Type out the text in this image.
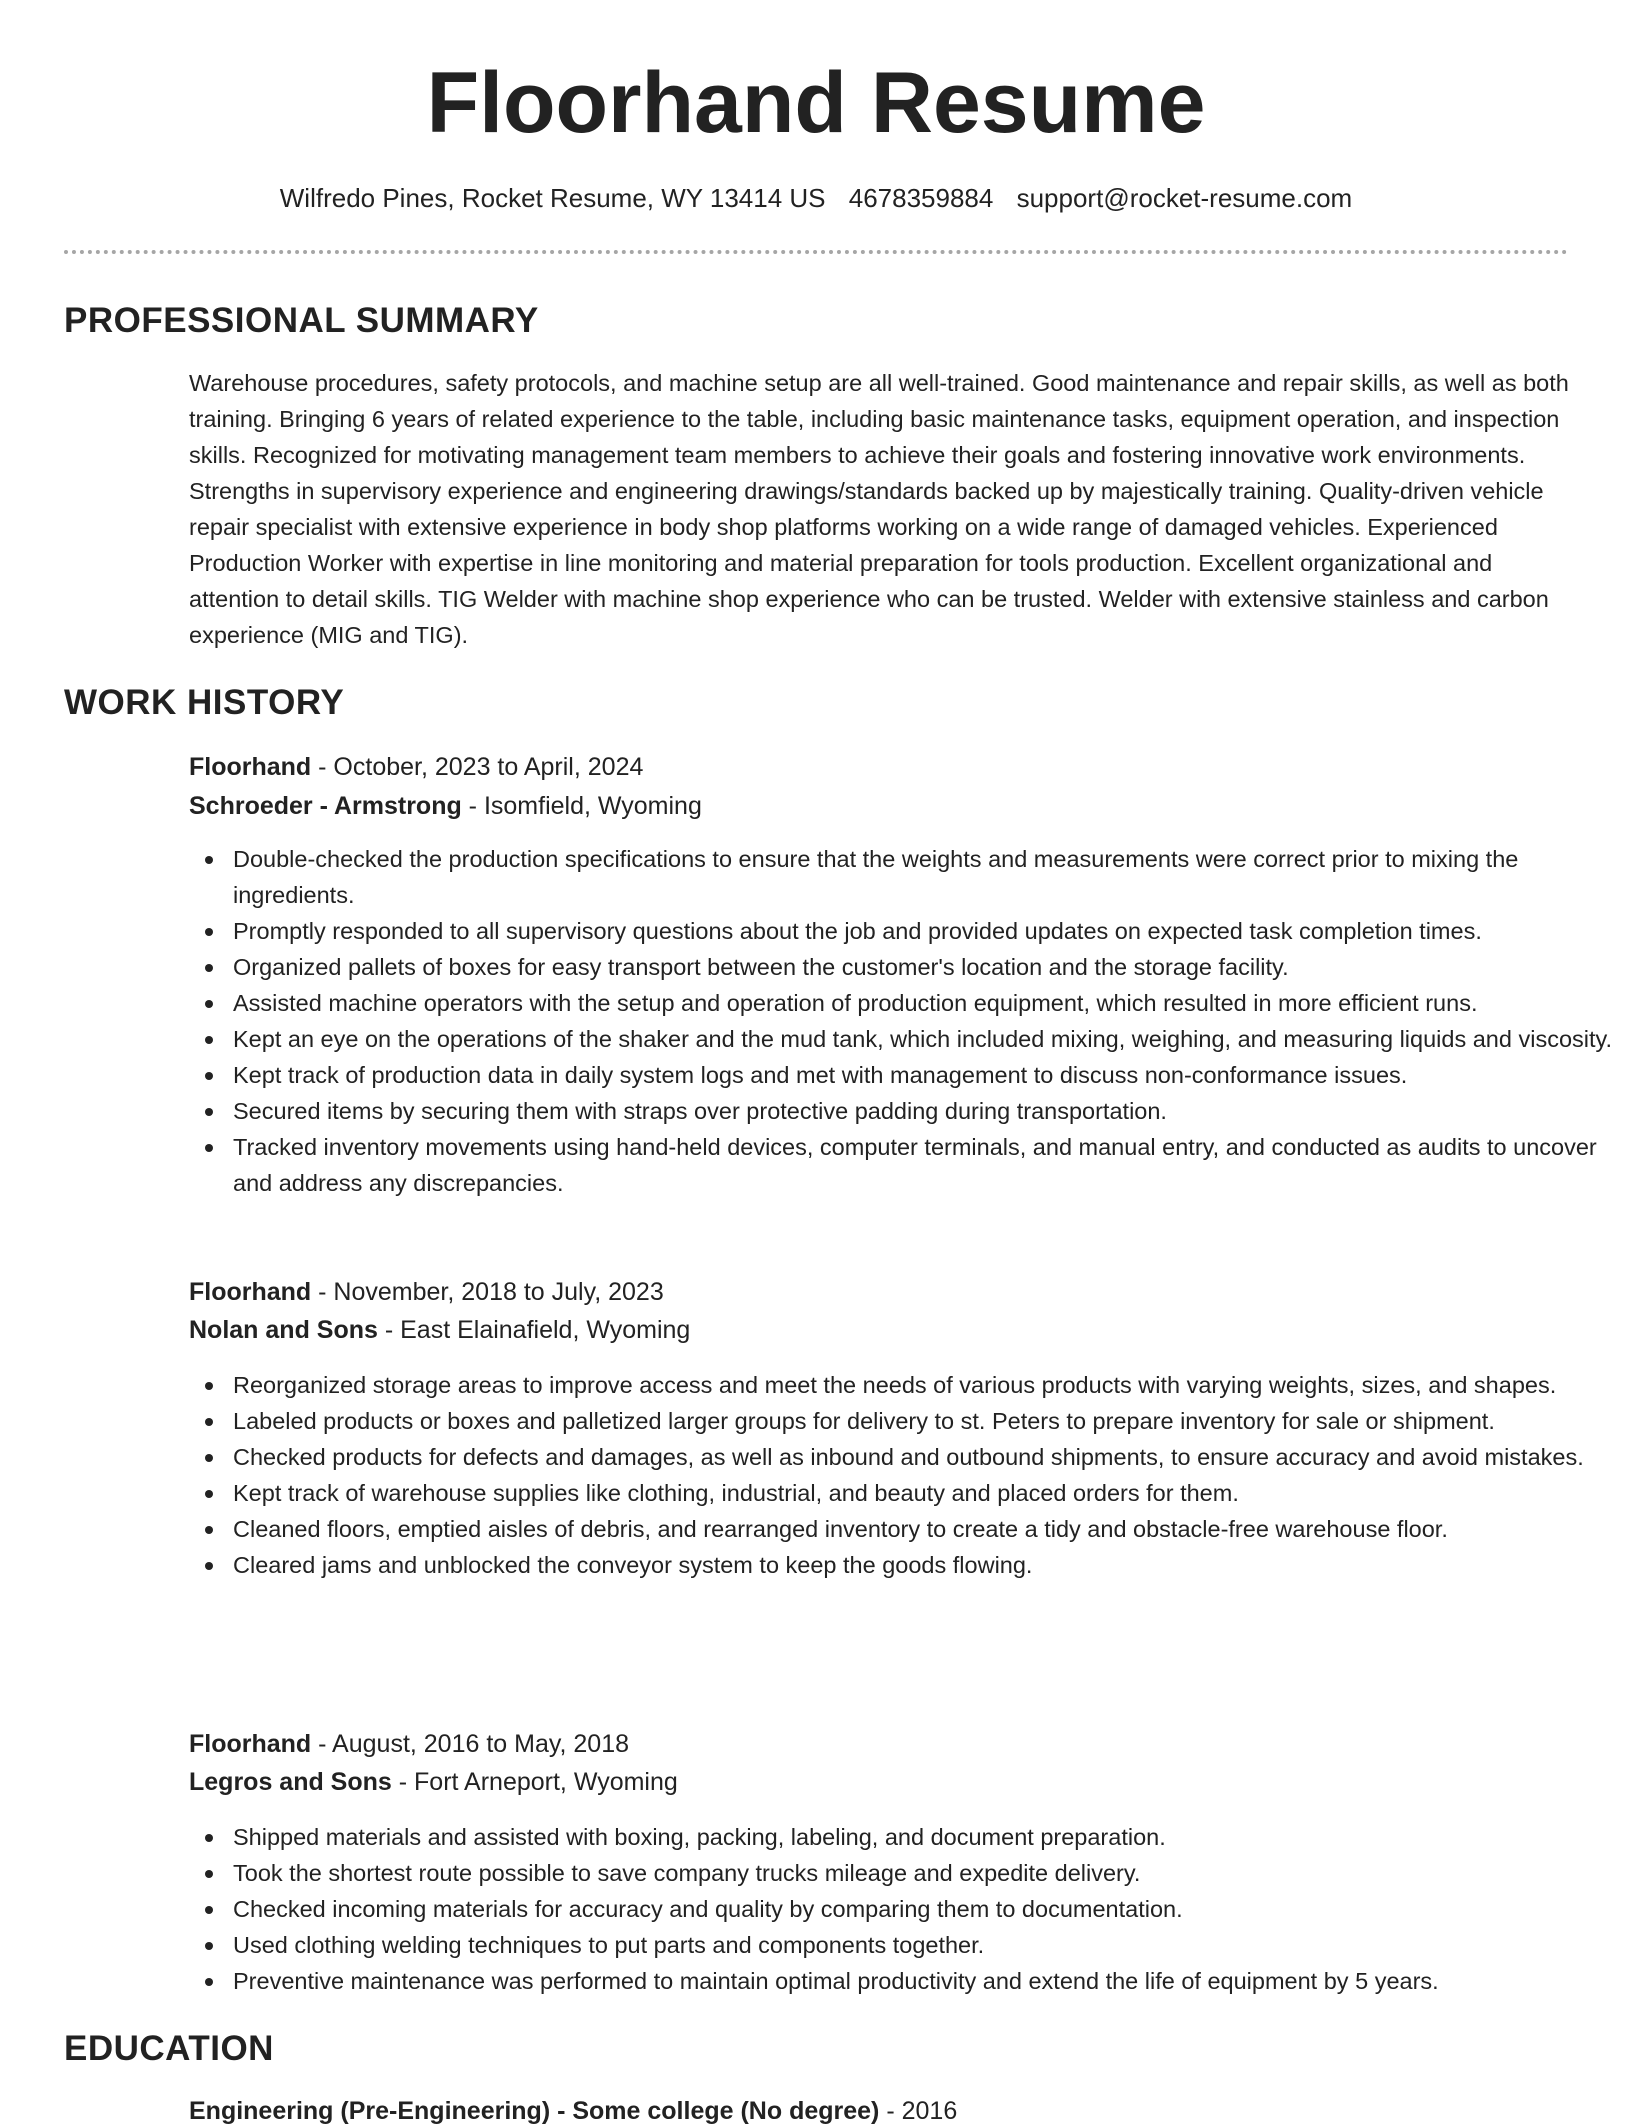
Floorhand Resume
Wilfredo Pines, Rocket Resume, WY 13414 US 4678359884 support@rocket-resume.com
PROFESSIONAL SUMMARY

Warehouse procedures, safety protocols, and machine setup are all well-trained. Good maintenance and repair skills, as well as both training. Bringing 6 years of related experience to the table, including basic maintenance tasks, equipment operation, and inspection skills. Recognized for motivating management team members to achieve their goals and fostering innovative work environments. Strengths in supervisory experience and engineering drawings/standards backed up by majestically training. Quality-driven vehicle repair specialist with extensive experience in body shop platforms working on a wide range of damaged vehicles. Experienced Production Worker with expertise in line monitoring and material preparation for tools production. Excellent organizational and attention to detail skills. TIG Welder with machine shop experience who can be trusted. Welder with extensive stainless and carbon experience (MIG and TIG).

WORK HISTORY
Floorhand - October, 2023 to April, 2024
Schroeder - Armstrong - Isomfield, Wyoming
Double-checked the production specifications to ensure that the weights and measurements were correct prior to mixing the ingredients.
Promptly responded to all supervisory questions about the job and provided updates on expected task completion times.
Organized pallets of boxes for easy transport between the customer's location and the storage facility.
Assisted machine operators with the setup and operation of production equipment, which resulted in more efficient runs.
Kept an eye on the operations of the shaker and the mud tank, which included mixing, weighing, and measuring liquids and viscosity.
Kept track of production data in daily system logs and met with management to discuss non-conformance issues.
Secured items by securing them with straps over protective padding during transportation.
Tracked inventory movements using hand-held devices, computer terminals, and manual entry, and conducted as audits to uncover and address any discrepancies.
Floorhand - November, 2018 to July, 2023
Nolan and Sons - East Elainafield, Wyoming
Reorganized storage areas to improve access and meet the needs of various products with varying weights, sizes, and shapes.
Labeled products or boxes and palletized larger groups for delivery to st. Peters to prepare inventory for sale or shipment.
Checked products for defects and damages, as well as inbound and outbound shipments, to ensure accuracy and avoid mistakes.
Kept track of warehouse supplies like clothing, industrial, and beauty and placed orders for them.
Cleaned floors, emptied aisles of debris, and rearranged inventory to create a tidy and obstacle-free warehouse floor.
Cleared jams and unblocked the conveyor system to keep the goods flowing.
Floorhand - August, 2016 to May, 2018
Legros and Sons - Fort Arneport, Wyoming
Shipped materials and assisted with boxing, packing, labeling, and document preparation.
Took the shortest route possible to save company trucks mileage and expedite delivery.
Checked incoming materials for accuracy and quality by comparing them to documentation.
Used clothing welding techniques to put parts and components together.
Preventive maintenance was performed to maintain optimal productivity and extend the life of equipment by 5 years.
EDUCATION
Engineering (Pre-Engineering) - Some college (No degree) - 2016
